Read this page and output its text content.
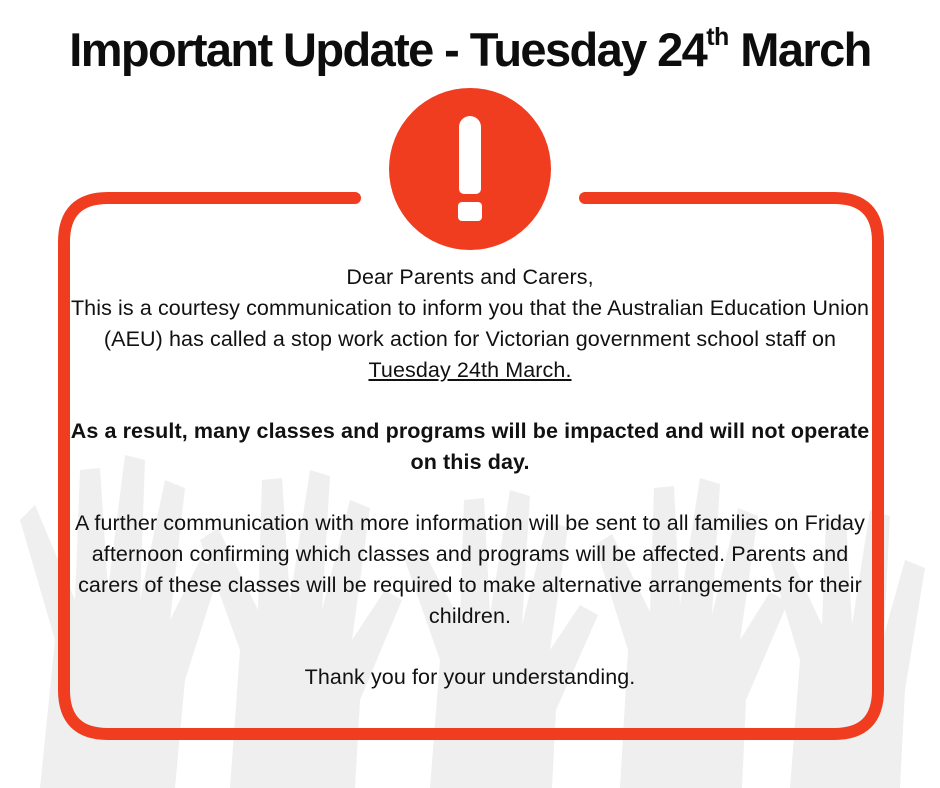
Important Update - Tuesday 24th March

Dear Parents and Carers,

This is a courtesy communication to inform you that the Australian Education Union (AEU) has called a stop work action for Victorian government school staff on Tuesday 24th March.

As a result, many classes and programs will be impacted and will not operate on this day.

A further communication with more information will be sent to all families on Friday afternoon confirming which classes and programs will be affected. Parents and carers of these classes will be required to make alternative arrangements for their children.

Thank you for your understanding.
